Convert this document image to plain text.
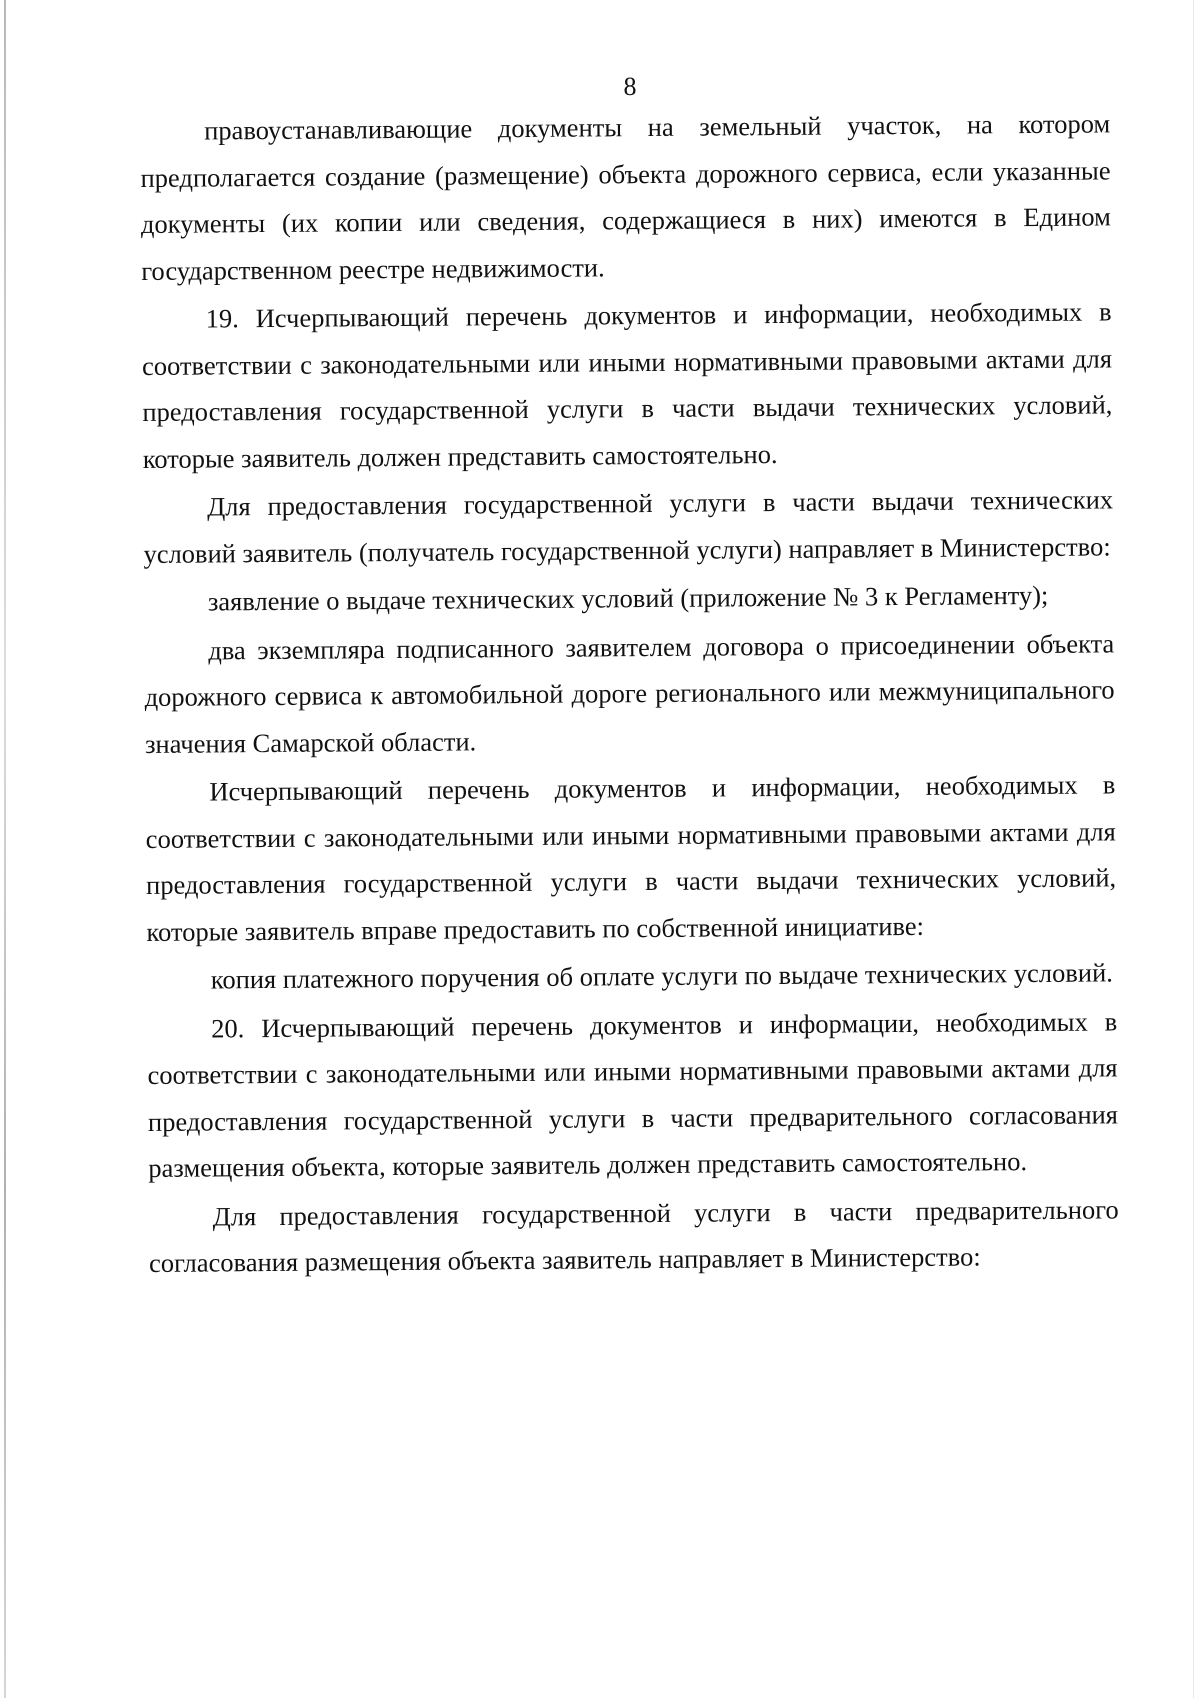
8

правоустанавливающие документы на земельный участок, на котором предполагается создание (размещение) объекта дорожного сервиса, если указанные документы (их копии или сведения, содержащиеся в них) имеются в Едином государственном реестре недвижимости.

19. Исчерпывающий перечень документов и информации, необходимых в соответствии с законодательными или иными нормативными правовыми актами для предоставления государственной услуги в части выдачи технических условий, которые заявитель должен представить самостоятельно.

Для предоставления государственной услуги в части выдачи технических условий заявитель (получатель государственной услуги) направляет в Министерство:

заявление о выдаче технических условий (приложение № 3 к Регламенту);

два экземпляра подписанного заявителем договора о присоединении объекта дорожного сервиса к автомобильной дороге регионального или межмуниципального значения Самарской области.

Исчерпывающий перечень документов и информации, необходимых в соответствии с законодательными или иными нормативными правовыми актами для предоставления государственной услуги в части выдачи технических условий, которые заявитель вправе предоставить по собственной инициативе:

копия платежного поручения об оплате услуги по выдаче технических условий.

20. Исчерпывающий перечень документов и информации, необходимых в соответствии с законодательными или иными нормативными правовыми актами для предоставления государственной услуги в части предварительного согласования размещения объекта, которые заявитель должен представить самостоятельно.

Для предоставления государственной услуги в части предварительного согласования размещения объекта заявитель направляет в Министерство:
